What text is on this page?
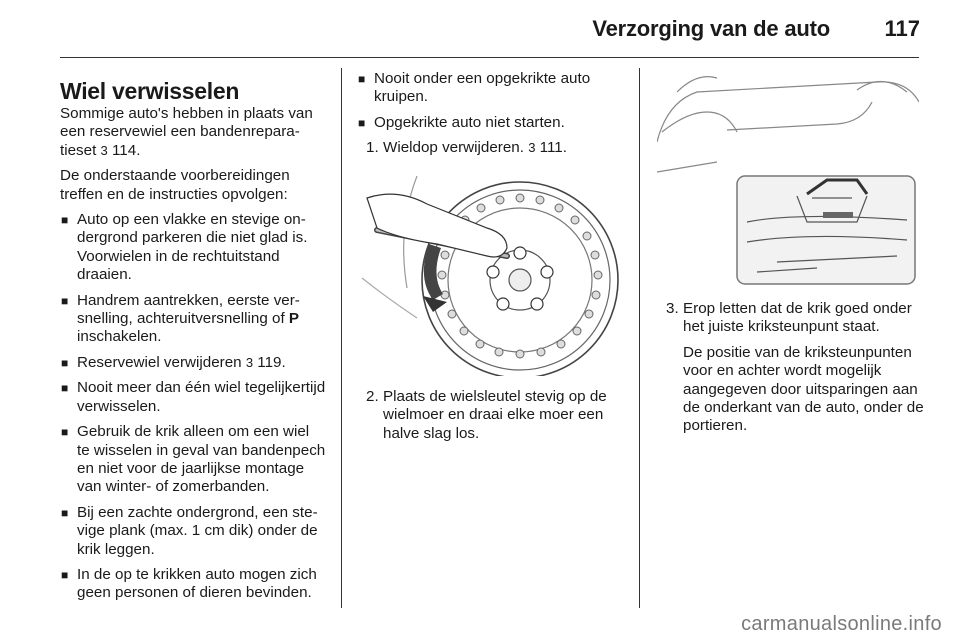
Verzorging van de auto 117
Wiel verwisselen

Sommige auto's hebben in plaats van een reservewiel een bandenreparatieset 3 114.

De onderstaande voorbereidingen treffen en de instructies opvolgen:

■ Auto op een vlakke en stevige ondergrond parkeren die niet glad is. Voorwielen in de rechtuitstand draaien.
■ Handrem aantrekken, eerste versnelling, achteruitversnelling of P inschakelen.
■ Reservewiel verwijderen 3 119.
■ Nooit meer dan één wiel tegelijkertijd verwisselen.
■ Gebruik de krik alleen om een wiel te wisselen in geval van bandenpech en niet voor de jaarlijkse montage van winter- of zomerbanden.
■ Bij een zachte ondergrond, een stevige plank (max. 1 cm dik) onder de krik leggen.
■ In de op te krikken auto mogen zich geen personen of dieren bevinden.
■ Nooit onder een opgekrikte auto kruipen.
■ Opgekrikte auto niet starten.
1. Wieldop verwijderen. 3 111.
2. Plaats de wielsleutel stevig op de wielmoer en draai elke moer een halve slag los.
3. Erop letten dat de krik goed onder het juiste kriksteunpunt staat.

De positie van de kriksteunpunten voor en achter wordt mogelijk aangegeven door uitsparingen aan de onderkant van de auto, onder de portieren.

carmanualsonline.info
